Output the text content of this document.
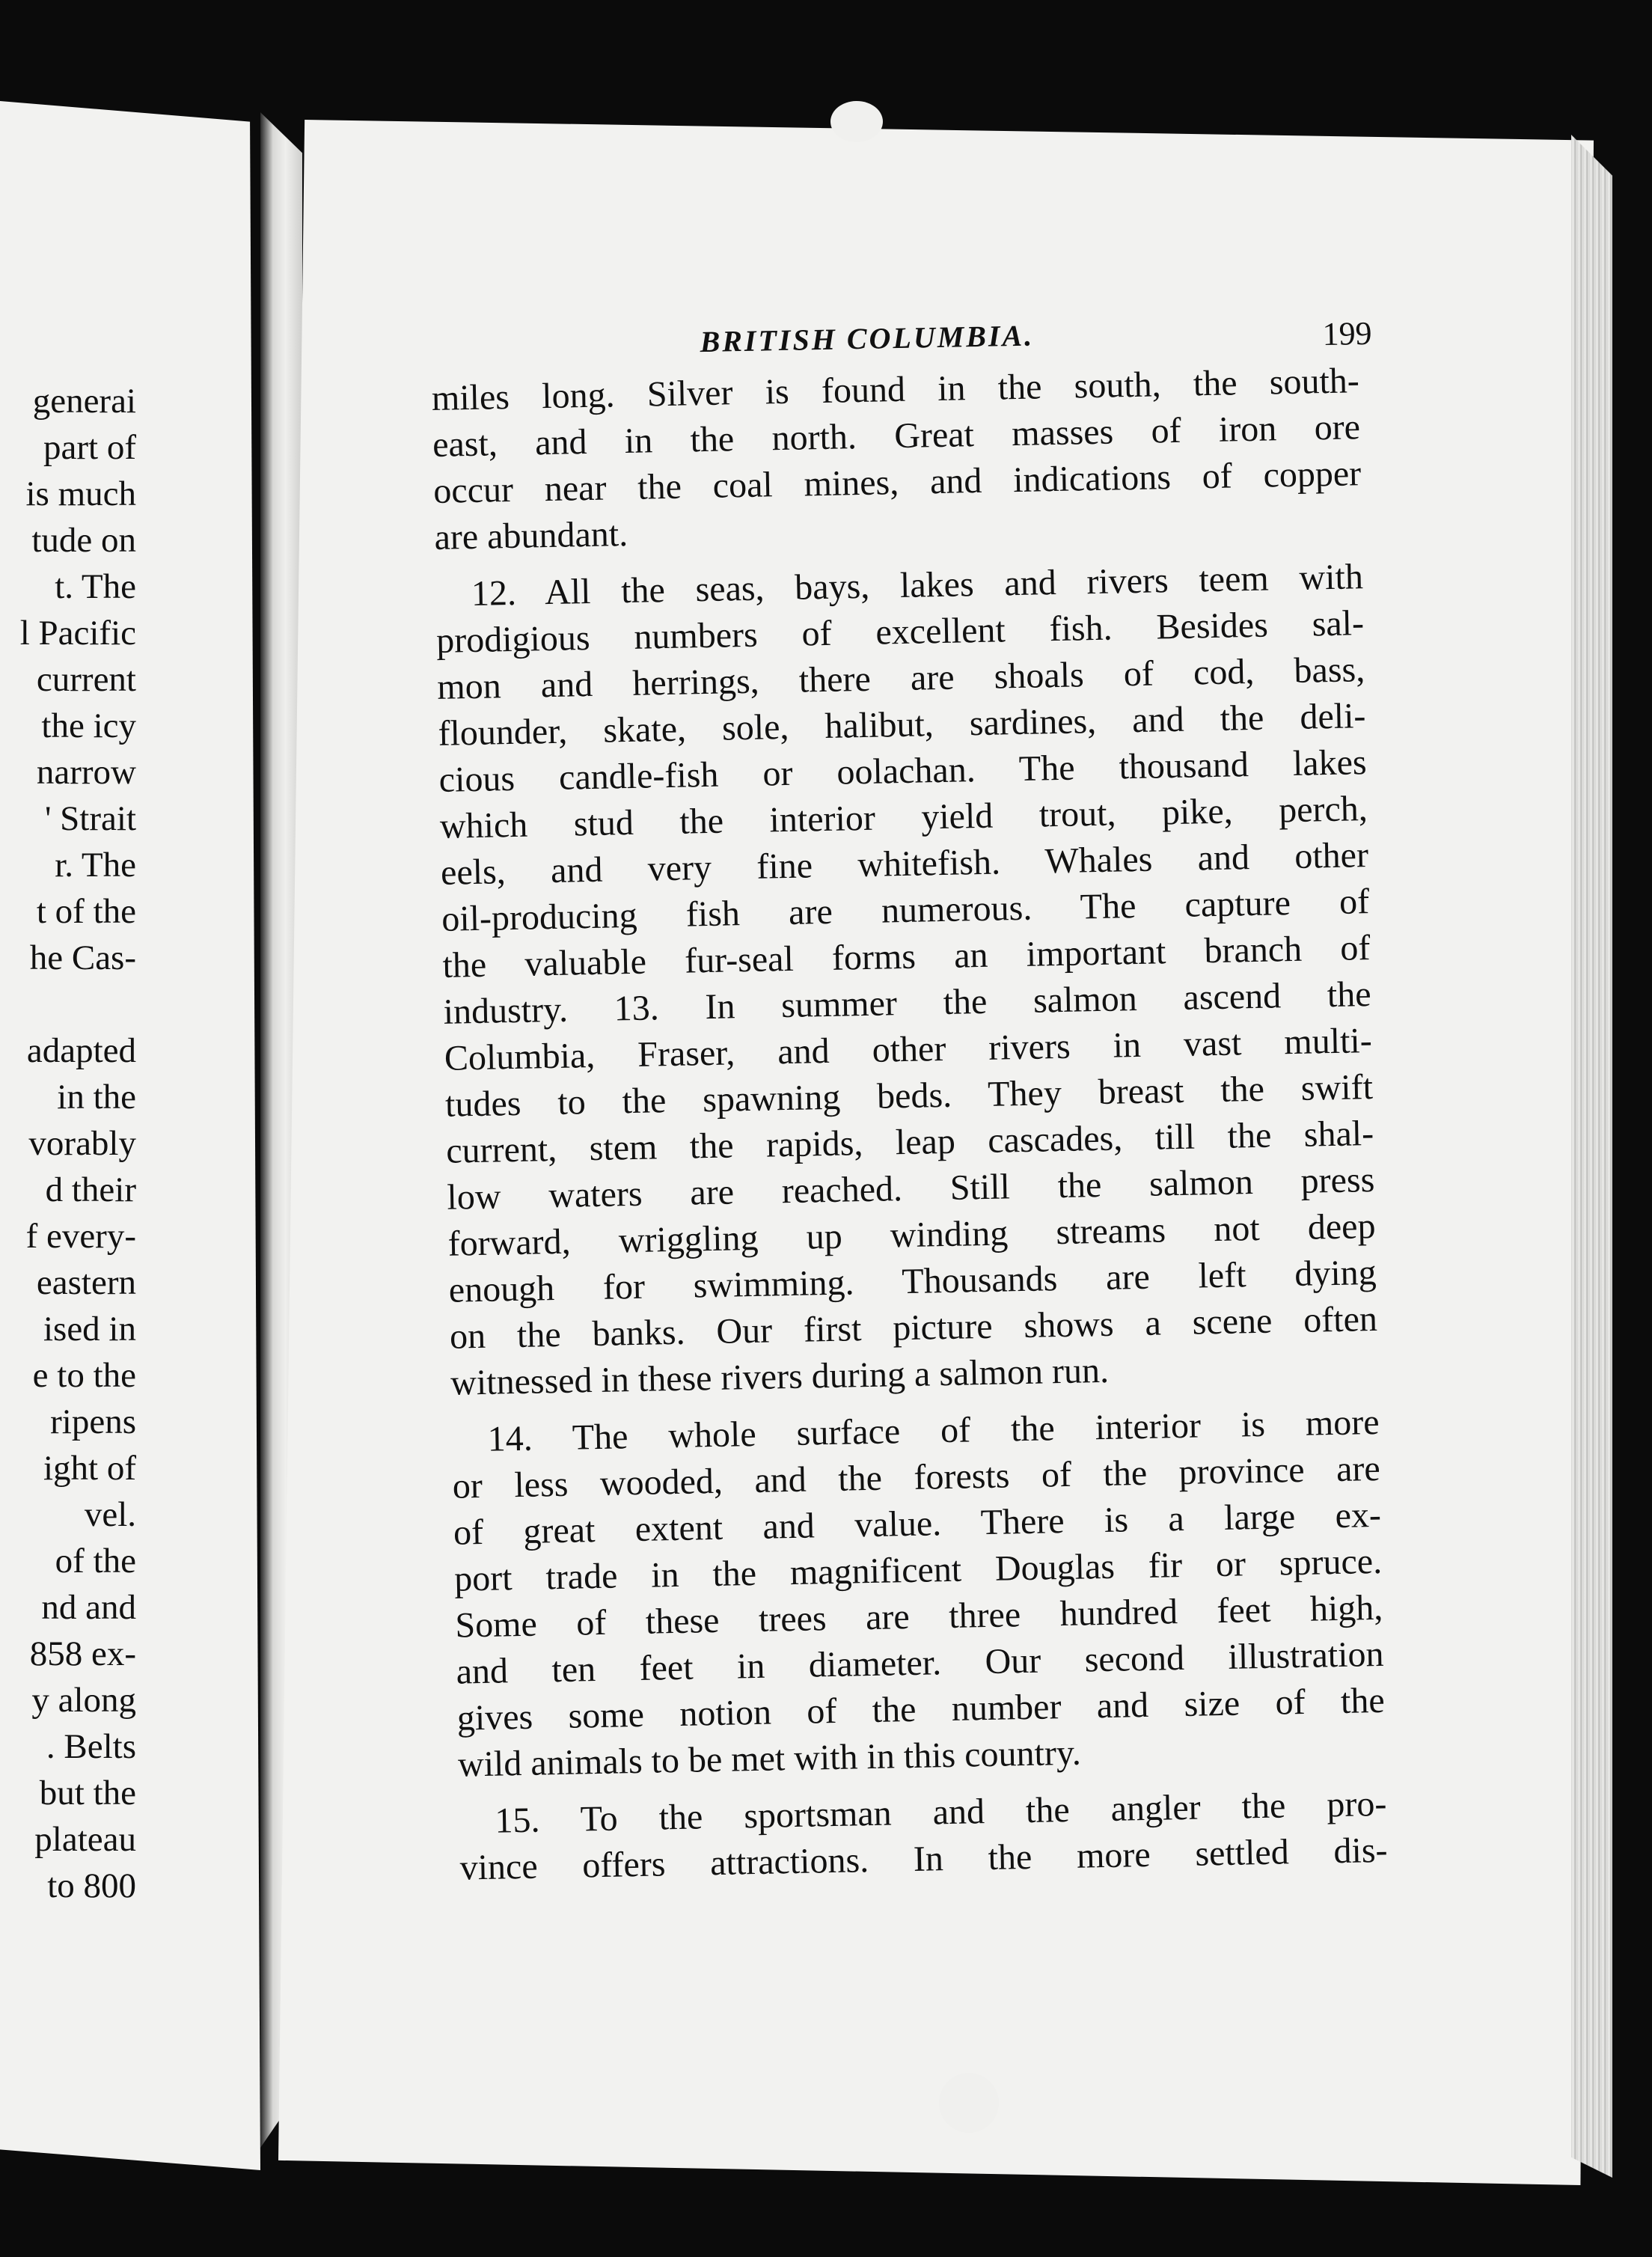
generai
part of
is much
tude on
t. The
l Pacific
current
the icy
narrow
' Strait
r. The
t of the
he Cas-
adapted
in the
vorably
d their
f every-
eastern
ised in
e to the
ripens
ight of
vel.
of the
nd and
858 ex-
y along
. Belts
but the
plateau
to 800
BRITISH COLUMBIA.	199
miles long. Silver is found in the south, the south-
east, and in the north. Great masses of iron ore
occur near the coal mines, and indications of copper
are abundant.
12. All the seas, bays, lakes and rivers teem with
prodigious numbers of excellent fish. Besides sal-
mon and herrings, there are shoals of cod, bass,
flounder, skate, sole, halibut, sardines, and the deli-
cious candle-fish or oolachan. The thousand lakes
which stud the interior yield trout, pike, perch,
eels, and very fine whitefish. Whales and other
oil-producing fish are numerous. The capture of
the valuable fur-seal forms an important branch of
industry. 13. In summer the salmon ascend the
Columbia, Fraser, and other rivers in vast multi-
tudes to the spawning beds. They breast the swift
current, stem the rapids, leap cascades, till the shal-
low waters are reached. Still the salmon press
forward, wriggling up winding streams not deep
enough for swimming. Thousands are left dying
on the banks. Our first picture shows a scene often
witnessed in these rivers during a salmon run.
14. The whole surface of the interior is more
or less wooded, and the forests of the province are
of great extent and value. There is a large ex-
port trade in the magnificent Douglas fir or spruce.
Some of these trees are three hundred feet high,
and ten feet in diameter. Our second illustration
gives some notion of the number and size of the
wild animals to be met with in this country.
15. To the sportsman and the angler the pro-
vince offers attractions. In the more settled dis-
